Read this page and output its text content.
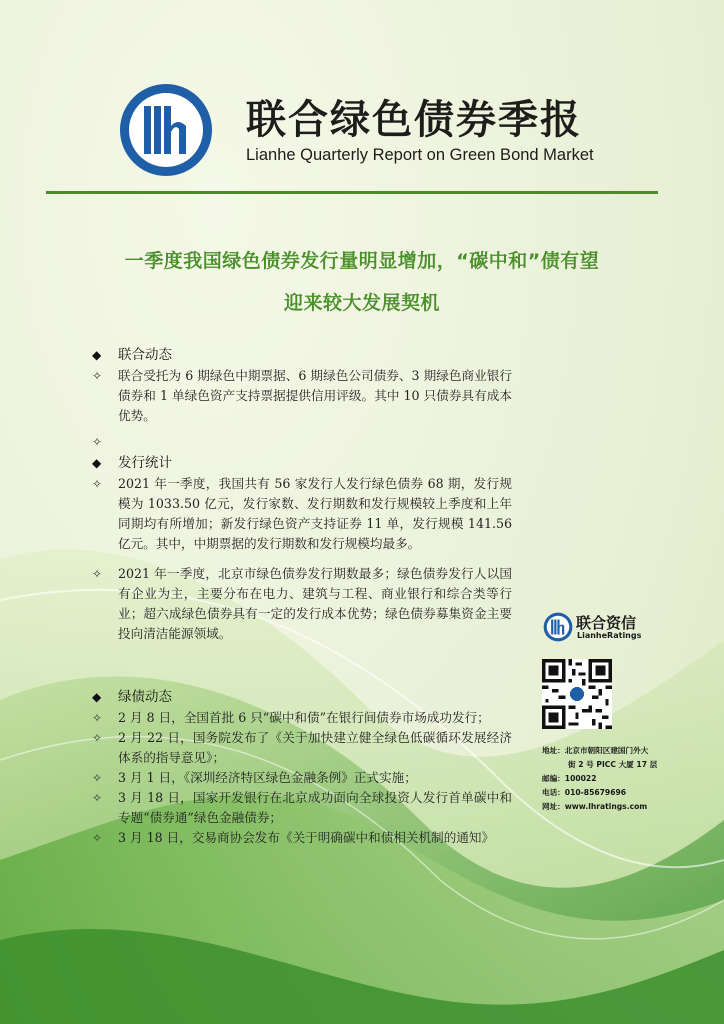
联合绿色债券季报

Lianhe Quarterly Report on Green Bond Market

一季度我国绿色债券发行量明显增加，“碳中和”债有望

迎来较大发展契机

◆	联合动态
✧	联合受托为 6 期绿色中期票据、6 期绿色公司债券、3 期绿色商业银行债券和 1 单绿色资产支持票据提供信用评级。其中 10 只债券具有成本优势。
✧
◆	发行统计
✧	2021 年一季度，我国共有 56 家发行人发行绿色债券 68 期，发行规模为 1033.50 亿元，发行家数、发行期数和发行规模较上季度和上年同期均有所增加；新发行绿色资产支持证券 11 单，发行规模 141.56 亿元。其中，中期票据的发行期数和发行规模均最多。
✧	2021 年一季度，北京市绿色债券发行期数最多；绿色债券发行人以国有企业为主，主要分布在电力、建筑与工程、商业银行和综合类等行业；超六成绿色债券具有一定的发行成本优势；绿色债券募集资金主要投向清洁能源领域。
◆	绿债动态
✧	2 月 8 日，全国首批 6 只“碳中和债”在银行间债券市场成功发行；
✧	2 月 22 日，国务院发布了《关于加快建立健全绿色低碳循环发展经济体系的指导意见》；
✧	3 月 1 日，《深圳经济特区绿色金融条例》正式实施；
✧	3 月 18 日，国家开发银行在北京成功面向全球投资人发行首单碳中和专题“债券通”绿色金融债券；
✧	3 月 18 日，交易商协会发布《关于明确碳中和债相关机制的通知》

联合资信

LianheRatings

地址：北京市朝阳区建国门外大

街 2 号 PICC 大厦 17 层

邮编：100022

电话：010-85679696

网址：www.lhratings.com
